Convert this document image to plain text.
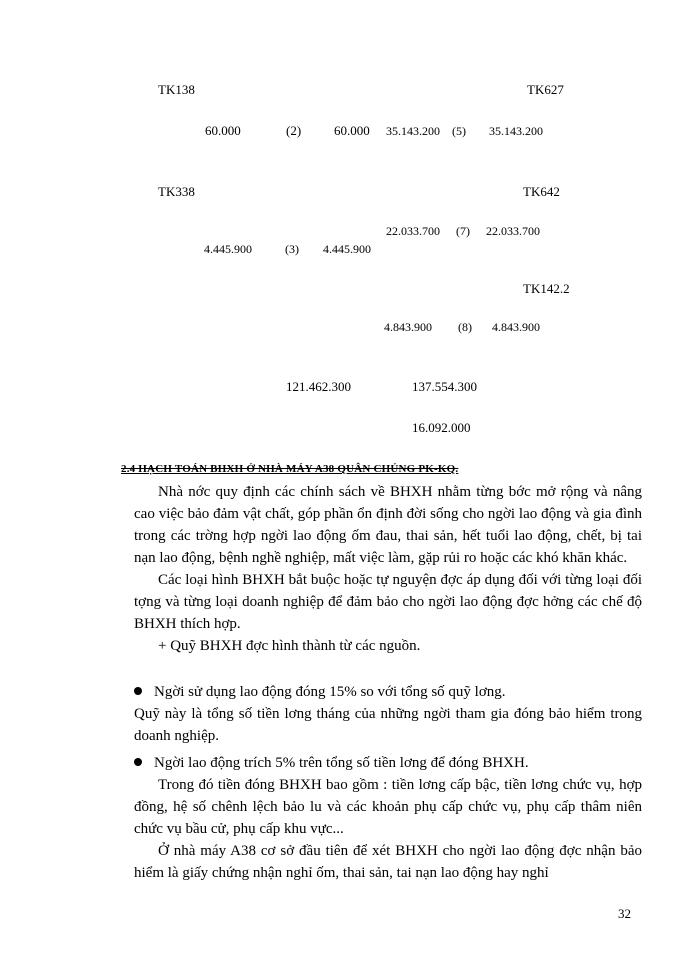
TK138	TK627
60.000	(2)	60.000 35.143.200 (5) 35.143.200
TK338	TK642
22.033.700 (7) 22.033.700
4.445.900	(3) 4.445.900
TK142.2
4.843.900 (8) 4.843.900
121.462.300	137.554.300
16.092.000
2.4 HẠCH TOÁN BHXH Ở NHÀ MÁY A38 QUÂN CHỦNG PK-KQ.

Nhà nớc quy định các chính sách về BHXH nhằm từng bớc mở rộng và nâng cao việc bảo đảm vật chất, góp phần ổn định đời sống cho ngời lao động và gia đình trong các trờng hợp ngời lao động ốm đau, thai sản, hết tuổi lao động, chết, bị tai nạn lao động, bệnh nghề nghiệp, mất việc làm, gặp rủi ro hoặc các khó khăn khác.

Các loại hình BHXH bắt buộc hoặc tự nguyện đợc áp dụng đối với từng loại đối tợng và từng loại doanh nghiệp để đảm bảo cho ngời lao động đợc hởng các chế độ BHXH thích hợp.

+ Quỹ BHXH đợc hình thành từ các nguồn.

Ngời sử dụng lao động đóng 15% so với tổng số quỹ lơng.

Quỹ này là tổng số tiền lơng tháng của những ngời tham gia đóng bảo hiểm trong doanh nghiệp.

Ngời lao động trích 5% trên tổng số tiền lơng để đóng BHXH.

Trong đó tiền đóng BHXH bao gồm : tiền lơng cấp bậc, tiền lơng chức vụ, hợp đồng, hệ số chênh lệch bảo lu và các khoản phụ cấp chức vụ, phụ cấp thâm niên chức vụ bầu cử, phụ cấp khu vực...

Ở nhà máy A38 cơ sở đầu tiên để xét BHXH cho ngời lao động đợc nhận bảo hiểm là giấy chứng nhận nghỉ ốm, thai sản, tai nạn lao động hay nghỉ

32
